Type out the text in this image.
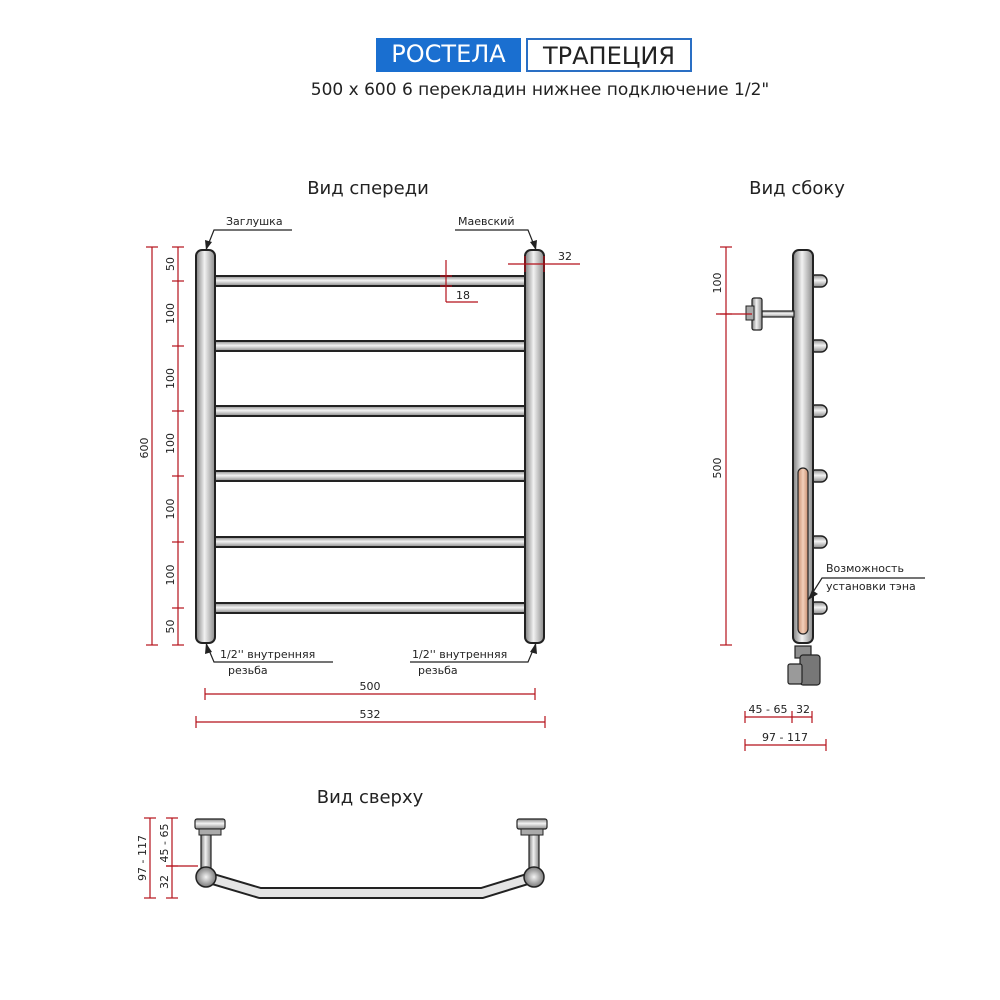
РОСТЕЛА	ТРАПЕЦИЯ
500 x 600 6 перекладин нижнее подключение 1/2"
Вид спереди	Вид сбоку
Вид сверху
Заглушка	Маевский
1/2'' внутренняя
резьба
1/2'' внутренняя
резьба
32
18
600
50
100
100
100
100
100
50
500
532
Возможность
установки тэна
100
500
45 - 65 32
97 - 117
97 - 117 45 - 65
32
